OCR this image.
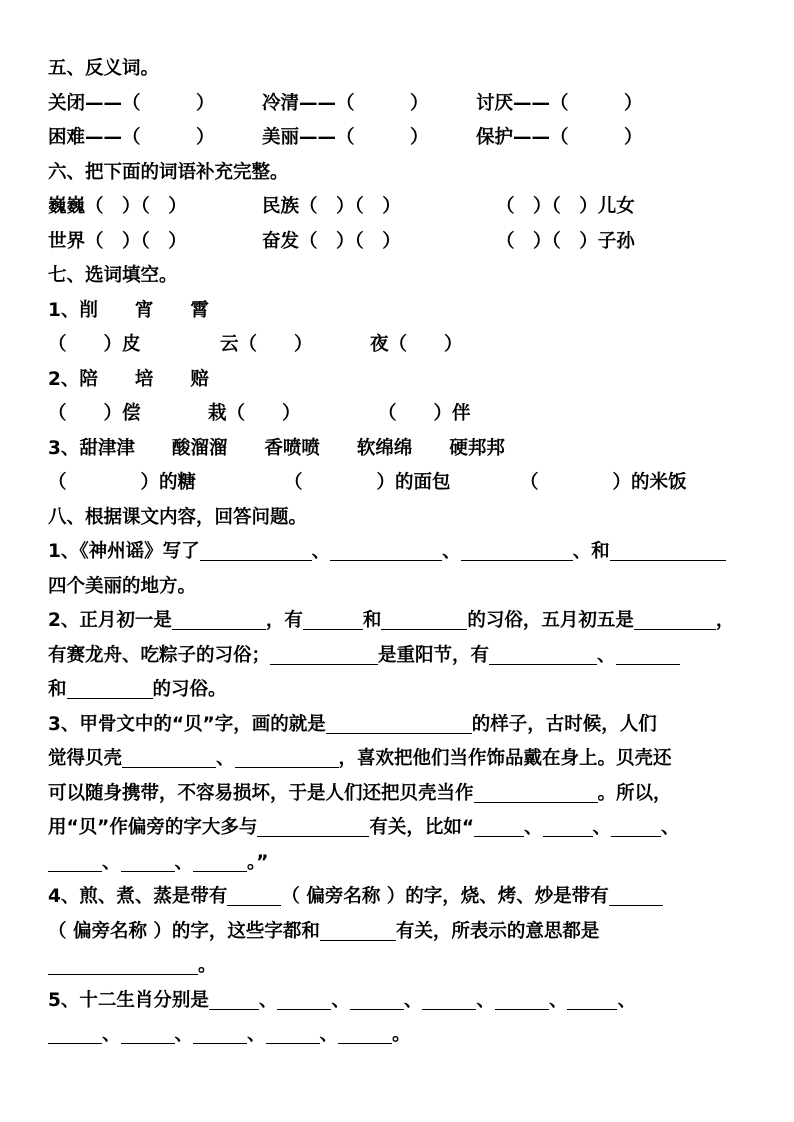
五、反义词。
关闭——（　　　）	冷清——（　　　）	讨厌——（　　　）
困难——（　　　）	美丽——（　　　）	保护——（　　　）
六、把下面的词语补充完整。
巍巍（　）（　）	民族（　）（　）	（　）（　）儿女
世界（　）（　）	奋发（　）（　）	（　）（　）子孙
七、选词填空。
1、削　　宵　　霄
（　　）皮	云（　　）	夜（　　）
2、陪　　培　　赔
（　　）偿	栽（　　）	（　　）伴
3、甜津津　　酸溜溜　　香喷喷　　软绵绵　　硬邦邦
（　　　　）的糖	（　　　　）的面包	（　　　　）的米饭
八、根据课文内容，回答问题。
1、《神州谣》写了	、	、	、和
四个美丽的地方。
2、正月初一是	，有	和	的习俗，五月初五是	，
有赛龙舟、吃粽子的习俗；	是重阳节，有	、
和	的习俗。
3、甲骨文中的“贝”字，画的就是	的样子，古时候，人们
觉得贝壳	、	，喜欢把他们当作饰品戴在身上。贝壳还
可以随身携带，不容易损坏，于是人们还把贝壳当作	。所以，
用“贝”作偏旁的字大多与	有关，比如“	、	、	、
、	、	。”
4、煎、煮、蒸是带有	（ 偏旁名称 ）的字，烧、烤、炒是带有
（ 偏旁名称 ）的字，这些字都和	有关，所表示的意思都是
。
5、十二生肖分别是	、	、	、	、	、	、
、	、	、	、	。
